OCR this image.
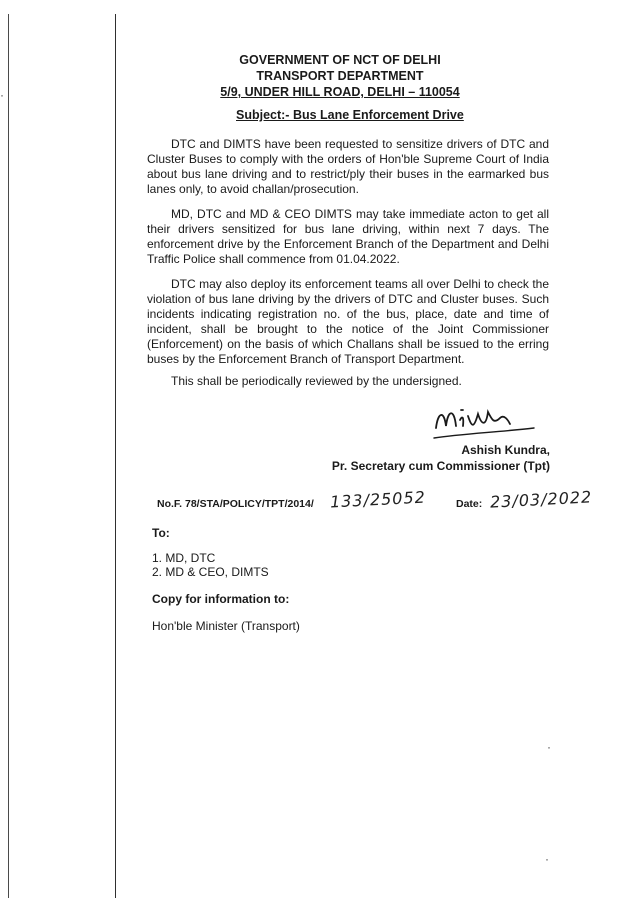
·
·
·
GOVERNMENT OF NCT OF DELHI
TRANSPORT DEPARTMENT
5/9, UNDER HILL ROAD, DELHI – 110054
Subject:- Bus Lane Enforcement Drive
DTC and DIMTS have been requested to sensitize drivers of DTC and Cluster Buses to comply with the orders of Hon'ble Supreme Court of India about bus lane driving and to restrict/ply their buses in the earmarked bus lanes only, to avoid challan/prosecution.
MD, DTC and MD & CEO DIMTS may take immediate acton to get all their drivers sensitized for bus lane driving, within next 7 days. The enforcement drive by the Enforcement Branch of the Department and Delhi Traffic Police shall commence from 01.04.2022.
DTC may also deploy its enforcement teams all over Delhi to check the violation of bus lane driving by the drivers of DTC and Cluster buses. Such incidents indicating registration no. of the bus, place, date and time of incident, shall be brought to the notice of the Joint Commissioner (Enforcement) on the basis of which Challans shall be issued to the erring buses by the Enforcement Branch of Transport Department.
This shall be periodically reviewed by the undersigned.
Ashish Kundra,
Pr. Secretary cum Commissioner (Tpt)
No.F. 78/STA/POLICY/TPT/2014/ 133/25052	Date: 23/03/2022
To:
1. MD, DTC
2. MD & CEO, DIMTS
Copy for information to:
Hon'ble Minister (Transport)
